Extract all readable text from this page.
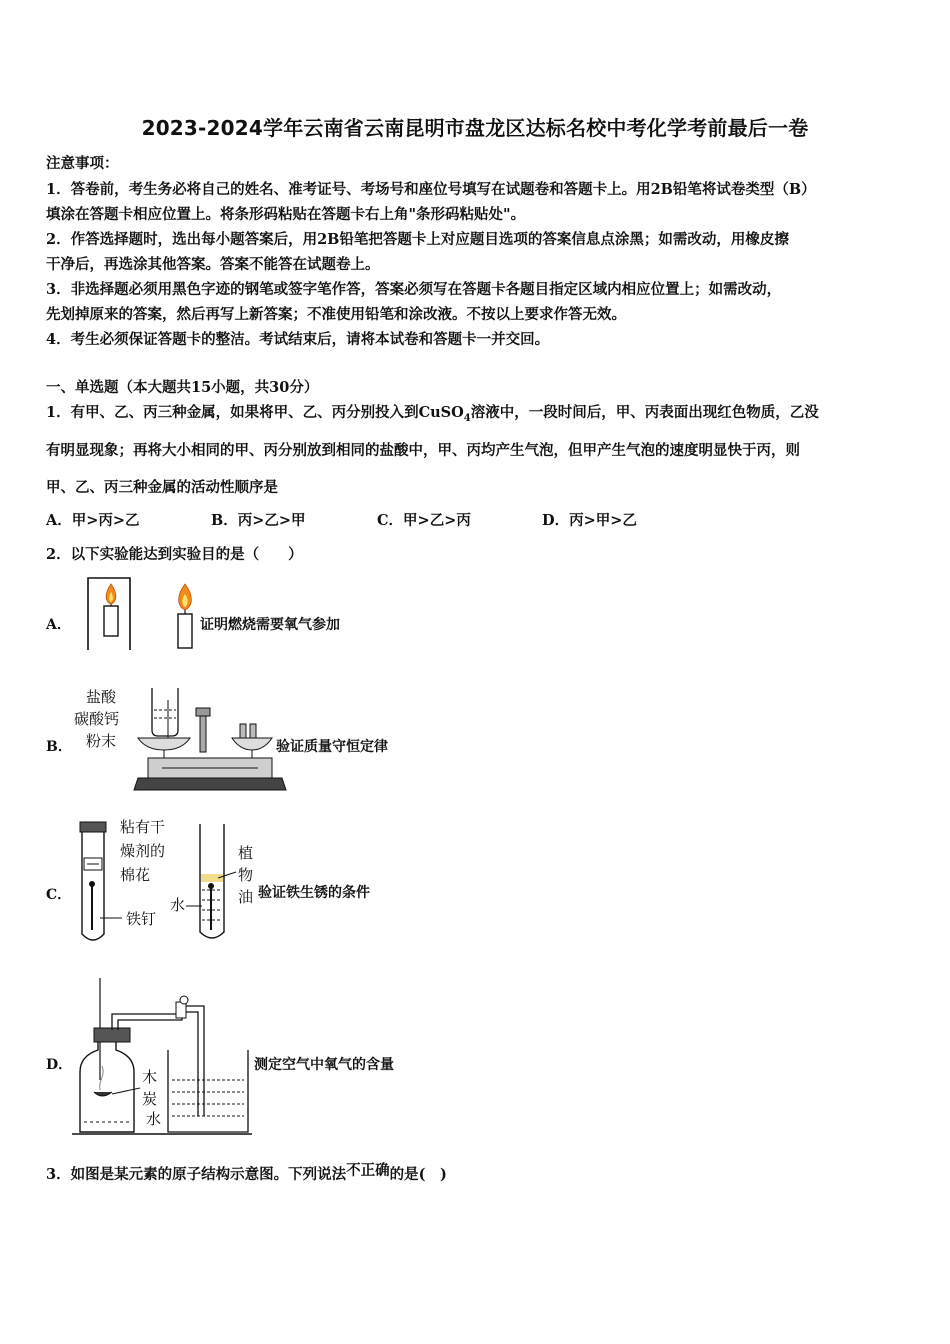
2023-2024学年云南省云南昆明市盘龙区达标名校中考化学考前最后一卷
注意事项：
1．答卷前，考生务必将自己的姓名、准考证号、考场号和座位号填写在试题卷和答题卡上。用2B铅笔将试卷类型（B）
填涂在答题卡相应位置上。将条形码粘贴在答题卡右上角"条形码粘贴处"。
2．作答选择题时，选出每小题答案后，用2B铅笔把答题卡上对应题目选项的答案信息点涂黑；如需改动，用橡皮擦
干净后，再选涂其他答案。答案不能答在试题卷上。
3．非选择题必须用黑色字迹的钢笔或签字笔作答，答案必须写在答题卡各题目指定区域内相应位置上；如需改动，
先划掉原来的答案，然后再写上新答案；不准使用铅笔和涂改液。不按以上要求作答无效。
4．考生必须保证答题卡的整洁。考试结束后，请将本试卷和答题卡一并交回。
一、单选题（本大题共15小题，共30分）
1．有甲、乙、丙三种金属，如果将甲、乙、丙分别投入到CuSO$_4$溶液中，一段时间后，甲、丙表面出现红色物质，乙没
有明显现象；再将大小相同的甲、丙分别放到相同的盐酸中，甲、丙均产生气泡，但甲产生气泡的速度明显快于丙，则
甲、乙、丙三种金属的活动性顺序是
A．甲>丙>乙	B．丙>乙>甲	C．甲>乙>丙	D．丙>甲>乙
2．以下实验能达到实验目的是（　　）
A．	证明燃烧需要氧气参加
B．
盐酸
碳酸钙
粉末	验证质量守恒定律
C．
粘有干
燥剂的
棉花
铁钉
植
物
油
水
验证铁生锈的条件
D．
木
炭
水
测定空气中氧气的含量
3．如图是某元素的原子结构示意图。下列说法不正确的是(　)
